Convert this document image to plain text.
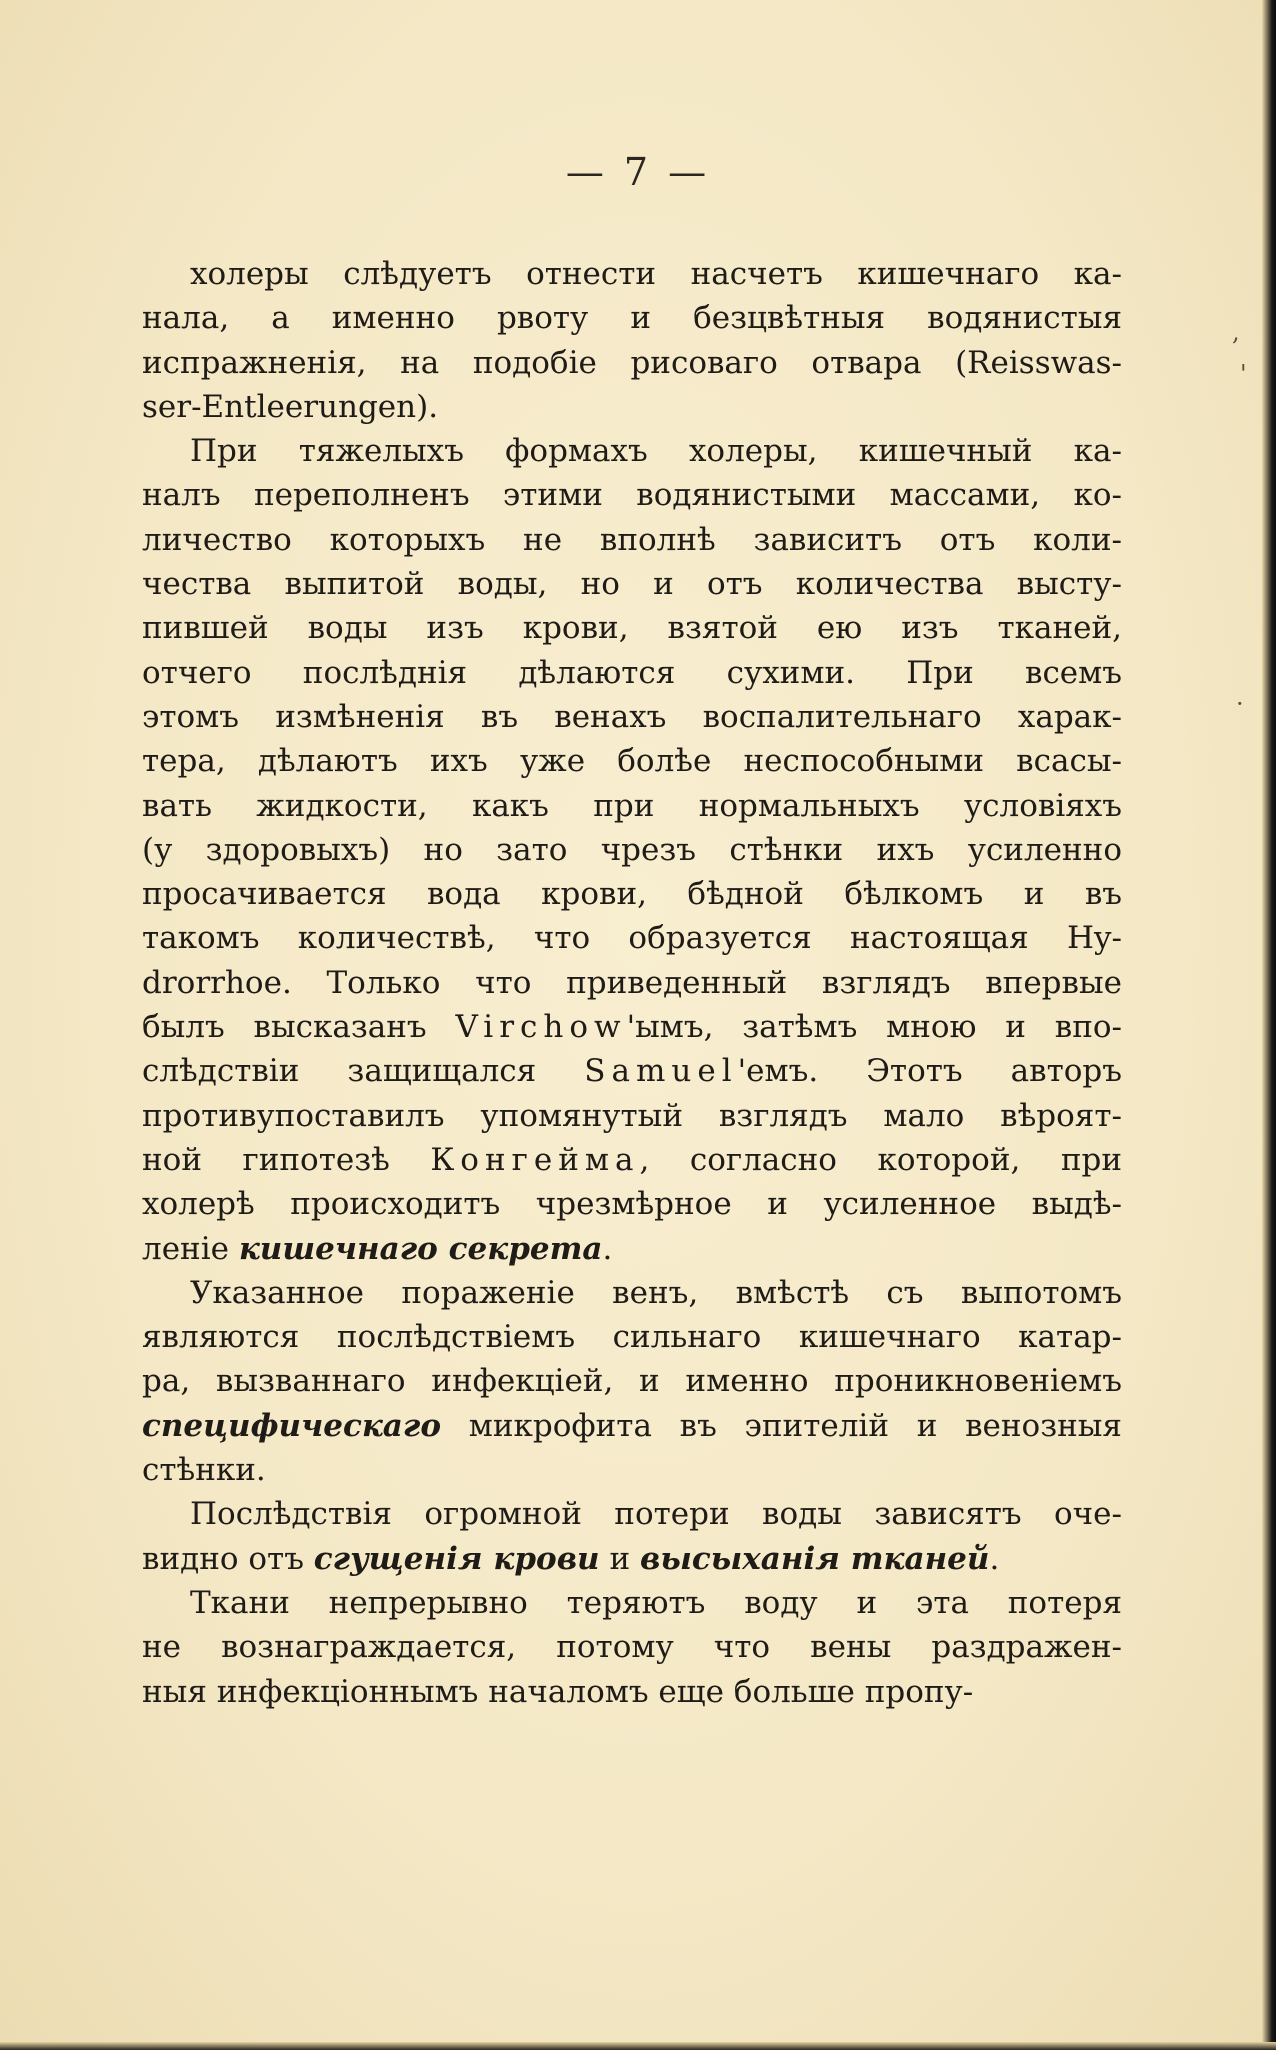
— 7 —
холеры слѣдуетъ отнести насчетъ кишечнаго ка-
нала, а именно рвоту и безцвѣтныя водянистыя
испражненія, на подобіе рисоваго отвара (Reisswas-
ser-Entleerungen).
При тяжелыхъ формахъ холеры, кишечный ка-
налъ переполненъ этими водянистыми массами, ко-
личество которыхъ не вполнѣ зависитъ отъ коли-
чества выпитой воды, но и отъ количества высту-
пившей воды изъ крови, взятой ею изъ тканей,
отчего послѣднія дѣлаются сухими. При всемъ
этомъ измѣненія въ венахъ воспалительнаго харак-
тера, дѣлаютъ ихъ уже болѣе неспособными всасы-
вать жидкости, какъ при нормальныхъ условіяхъ
(у здоровыхъ) но зато чрезъ стѣнки ихъ усиленно
просачивается вода крови, бѣдной бѣлкомъ и въ
такомъ количествѣ, что образуется настоящая Hy-
drorrhoe. Только что приведенный взглядъ впервые
былъ высказанъ Virchow'ымъ, затѣмъ мною и впо-
слѣдствіи защищался Samuel'емъ. Этотъ авторъ
противупоставилъ упомянутый взглядъ мало вѣроят-
ной гипотезѣ Конгейма, согласно которой, при
холерѣ происходитъ чрезмѣрное и усиленное выдѣ-
леніе кишечнаго секрета.
Указанное пораженіе венъ, вмѣстѣ съ выпотомъ
являются послѣдствіемъ сильнаго кишечнаго катар-
ра, вызваннаго инфекціей, и именно проникновеніемъ
специфическаго микрофита въ эпителій и венозныя
стѣнки.
Послѣдствія огромной потери воды зависятъ оче-
видно отъ сгущенія крови и высыханія тканей.
Ткани непрерывно теряютъ воду и эта потеря
не вознаграждается, потому что вены раздражен-
ныя инфекціоннымъ началомъ еще больше пропу-
,
'
·
